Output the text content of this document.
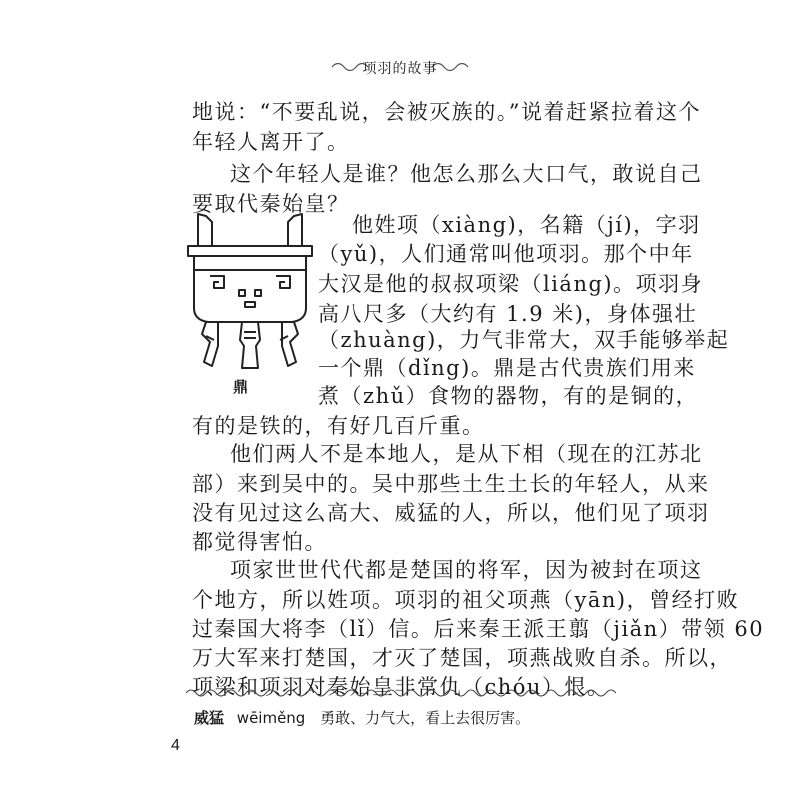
项羽的故事
地说：“不要乱说，会被灭族的。”说着赶紧拉着这个
年轻人离开了。
这个年轻人是谁？他怎么那么大口气，敢说自己
要取代秦始皇？
他姓项（xiàng)，名籍（jí)，字羽
（yǔ)，人们通常叫他项羽。那个中年
大汉是他的叔叔项梁（liáng)。项羽身
高八尺多（大约有 1.9 米)，身体强壮
（zhuàng)，力气非常大，双手能够举起
一个鼎（dǐng)。鼎是古代贵族们用来
煮（zhǔ）食物的器物，有的是铜的，
有的是铁的，有好几百斤重。
他们两人不是本地人，是从下相（现在的江苏北
部）来到吴中的。吴中那些土生土长的年轻人，从来
没有见过这么高大、威猛的人，所以，他们见了项羽
都觉得害怕。
项家世世代代都是楚国的将军，因为被封在项这
个地方，所以姓项。项羽的祖父项燕（yān)，曾经打败
过秦国大将李（lǐ）信。后来秦王派王翦（jiǎn）带领 60
万大军来打楚国，才灭了楚国，项燕战败自杀。所以，
项梁和项羽对秦始皇非常仇（chóu）恨。
鼎
威猛 wēiměng 勇敢、力气大，看上去很厉害。
4
